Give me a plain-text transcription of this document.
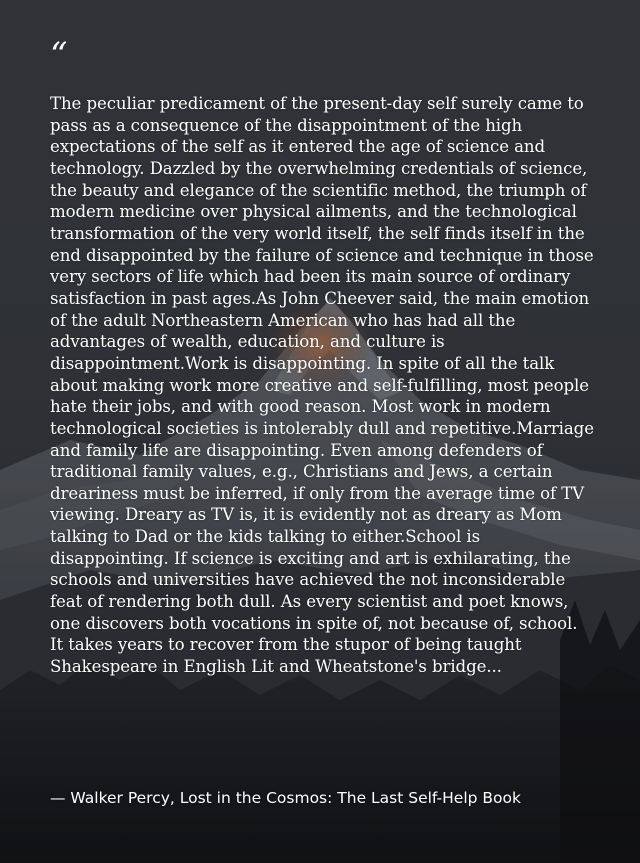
“

The peculiar predicament of the present-day self surely came to pass as a consequence of the disappointment of the high expectations of the self as it entered the age of science and technology. Dazzled by the overwhelming credentials of science, the beauty and elegance of the scientific method, the triumph of modern medicine over physical ailments, and the technological transformation of the very world itself, the self finds itself in the end disappointed by the failure of science and technique in those very sectors of life which had been its main source of ordinary satisfaction in past ages.As John Cheever said, the main emotion of the adult Northeastern American who has had all the advantages of wealth, education, and culture is disappointment.Work is disappointing. In spite of all the talk about making work more creative and self-fulfilling, most people hate their jobs, and with good reason. Most work in modern technological societies is intolerably dull and repetitive.Marriage and family life are disappointing. Even among defenders of traditional family values, e.g., Christians and Jews, a certain dreariness must be inferred, if only from the average time of TV viewing. Dreary as TV is, it is evidently not as dreary as Mom talking to Dad or the kids talking to either.School is disappointing. If science is exciting and art is exhilarating, the schools and universities have achieved the not inconsiderable feat of rendering both dull. As every scientist and poet knows, one discovers both vocations in spite of, not because of, school. It takes years to recover from the stupor of being taught Shakespeare in English Lit and Wheatstone's bridge...

— Walker Percy, Lost in the Cosmos: The Last Self-Help Book
